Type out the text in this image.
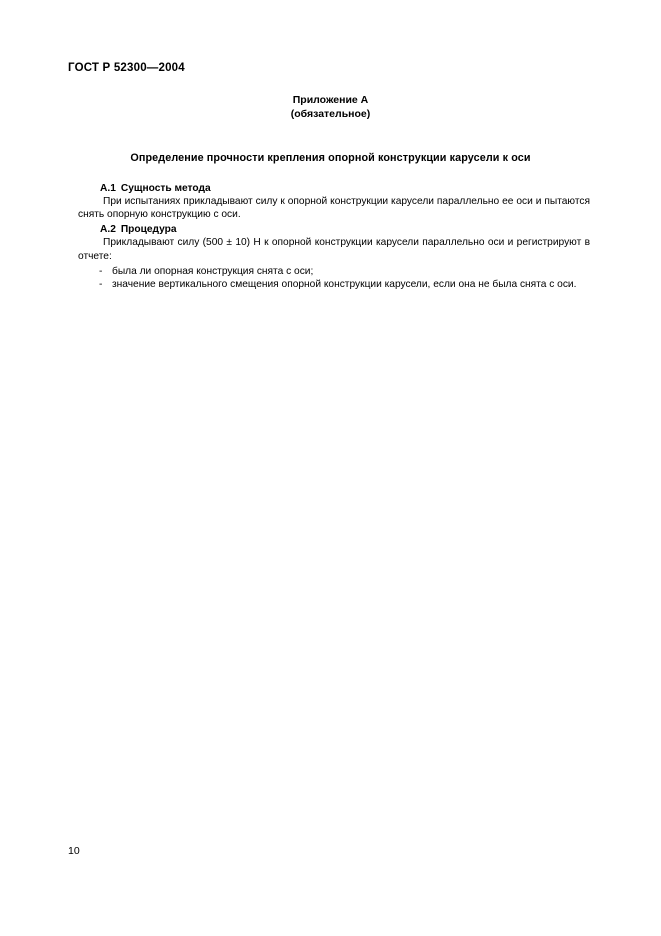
ГОСТ Р 52300—2004
Приложение А
(обязательное)
Определение прочности крепления опорной конструкции карусели к оси

А.1 Сущность метода

При испытаниях прикладывают силу к опорной конструкции карусели параллельно ее оси и пытаются снять опорную конструкцию с оси.

А.2 Процедура

Прикладывают силу (500 ± 10) Н к опорной конструкции карусели параллельно оси и регистрируют в отчете:

- была ли опорная конструкция снята с оси;
- значение вертикального смещения опорной конструкции карусели, если она не была снята с оси.
10
